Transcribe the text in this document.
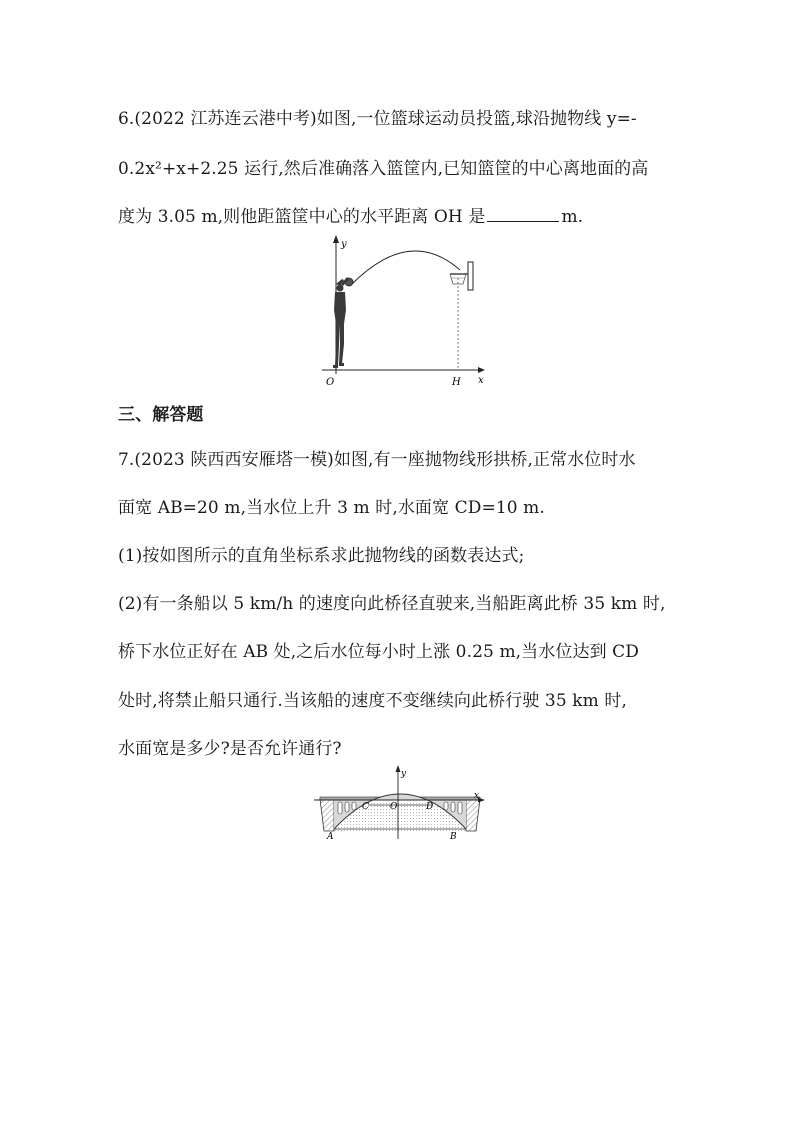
6.(2022 江苏连云港中考)如图,一位篮球运动员投篮,球沿抛物线 y=-
0.2x²+x+2.25 运行,然后准确落入篮筐内,已知篮筐的中心离地面的高
度为 3.05 m,则他距篮筐中心的水平距离 OH 是	m.
y
x
O	H
三、解答题
7.(2023 陕西西安雁塔一模)如图,有一座抛物线形拱桥,正常水位时水
面宽 AB=20 m,当水位上升 3 m 时,水面宽 CD=10 m.
(1)按如图所示的直角坐标系求此抛物线的函数表达式;
(2)有一条船以 5 km/h 的速度向此桥径直驶来,当船距离此桥 35 km 时,
桥下水位正好在 AB 处,之后水位每小时上涨 0.25 m,当水位达到 CD
处时,将禁止船只通行.当该船的速度不变继续向此桥行驶 35 km 时,
水面宽是多少?是否允许通行?
y
x
O
C	D
A	B
